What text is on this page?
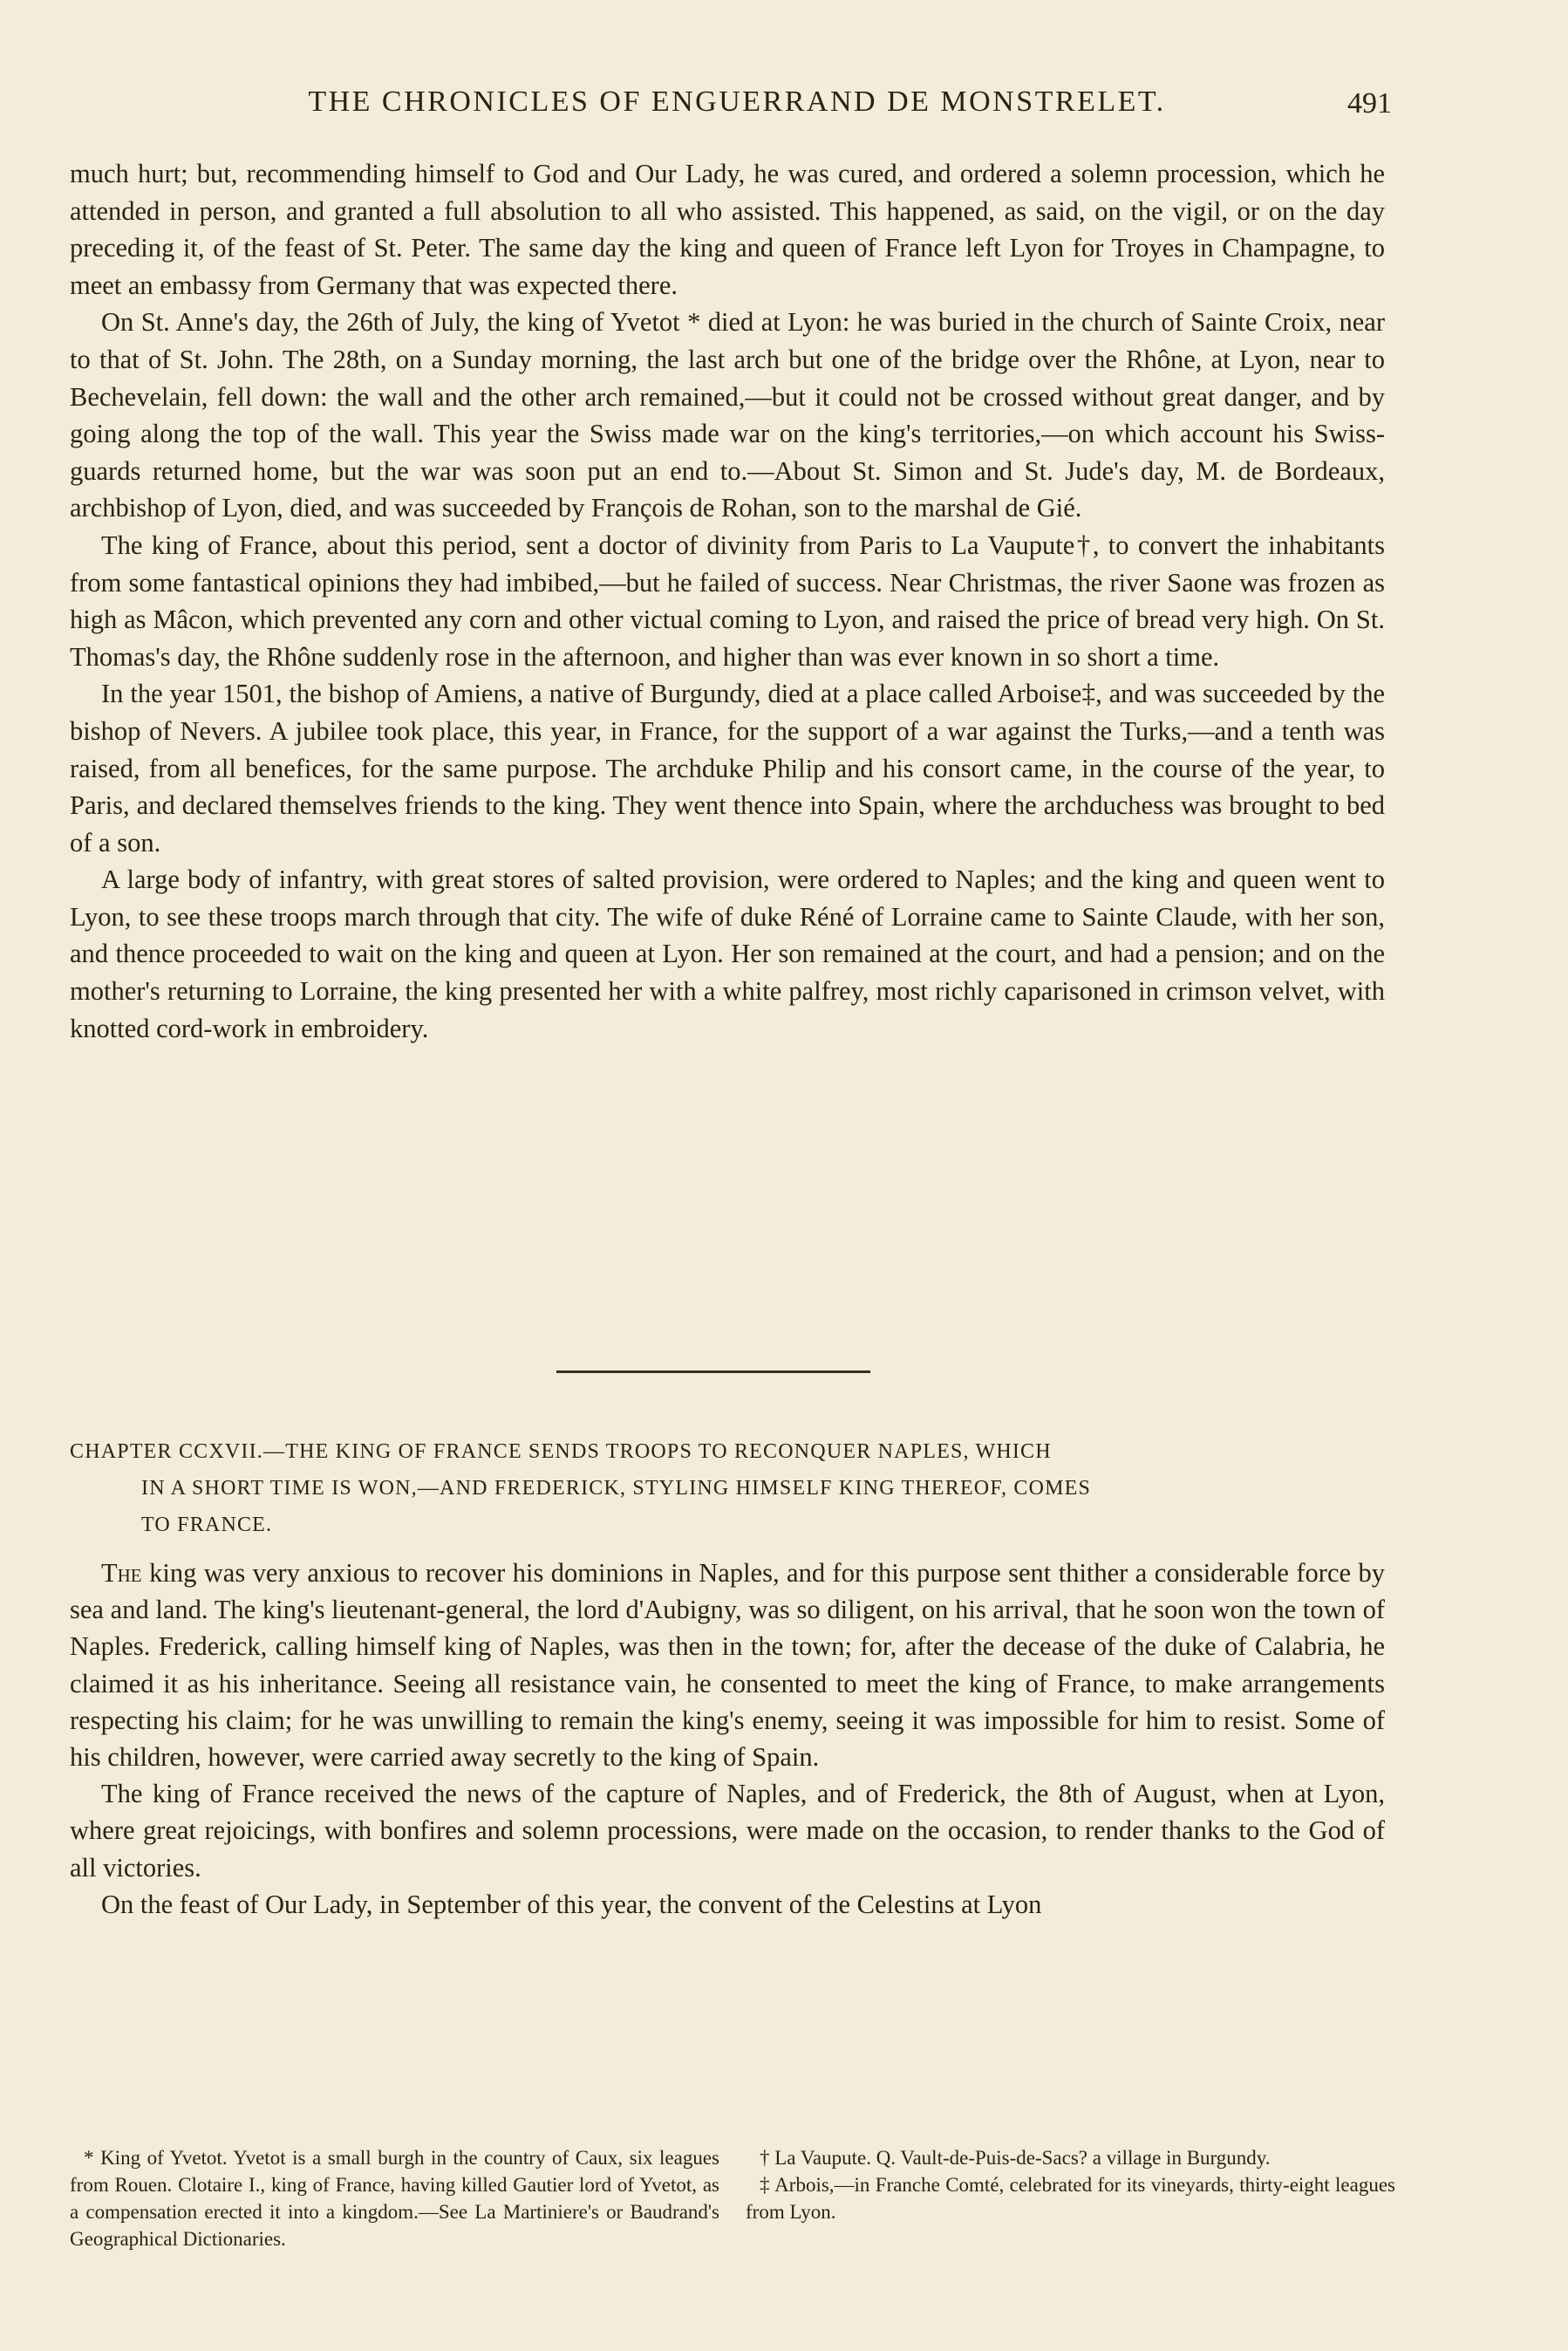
THE CHRONICLES OF ENGUERRAND DE MONSTRELET.	491

much hurt; but, recommending himself to God and Our Lady, he was cured, and ordered a solemn procession, which he attended in person, and granted a full absolution to all who assisted. This happened, as said, on the vigil, or on the day preceding it, of the feast of St. Peter. The same day the king and queen of France left Lyon for Troyes in Champagne, to meet an embassy from Germany that was expected there.

On St. Anne's day, the 26th of July, the king of Yvetot * died at Lyon: he was buried in the church of Sainte Croix, near to that of St. John. The 28th, on a Sunday morning, the last arch but one of the bridge over the Rhône, at Lyon, near to Bechevelain, fell down: the wall and the other arch remained,—but it could not be crossed without great danger, and by going along the top of the wall. This year the Swiss made war on the king's territories,—on which account his Swiss-guards returned home, but the war was soon put an end to.—About St. Simon and St. Jude's day, M. de Bordeaux, archbishop of Lyon, died, and was succeeded by François de Rohan, son to the marshal de Gié.

The king of France, about this period, sent a doctor of divinity from Paris to La Vaupute†, to convert the inhabitants from some fantastical opinions they had imbibed,—but he failed of success. Near Christmas, the river Saone was frozen as high as Mâcon, which prevented any corn and other victual coming to Lyon, and raised the price of bread very high. On St. Thomas's day, the Rhône suddenly rose in the afternoon, and higher than was ever known in so short a time.

In the year 1501, the bishop of Amiens, a native of Burgundy, died at a place called Arboise‡, and was succeeded by the bishop of Nevers. A jubilee took place, this year, in France, for the support of a war against the Turks,—and a tenth was raised, from all benefices, for the same purpose. The archduke Philip and his consort came, in the course of the year, to Paris, and declared themselves friends to the king. They went thence into Spain, where the archduchess was brought to bed of a son.

A large body of infantry, with great stores of salted provision, were ordered to Naples; and the king and queen went to Lyon, to see these troops march through that city. The wife of duke Réné of Lorraine came to Sainte Claude, with her son, and thence proceeded to wait on the king and queen at Lyon. Her son remained at the court, and had a pension; and on the mother's returning to Lorraine, the king presented her with a white palfrey, most richly caparisoned in crimson velvet, with knotted cord-work in embroidery.

CHAPTER CCXVII.—THE KING OF FRANCE SENDS TROOPS TO RECONQUER NAPLES, WHICH
IN A SHORT TIME IS WON,—AND FREDERICK, STYLING HIMSELF KING THEREOF, COMES
TO FRANCE.

The king was very anxious to recover his dominions in Naples, and for this purpose sent thither a considerable force by sea and land. The king's lieutenant-general, the lord d'Aubigny, was so diligent, on his arrival, that he soon won the town of Naples. Frederick, calling himself king of Naples, was then in the town; for, after the decease of the duke of Calabria, he claimed it as his inheritance. Seeing all resistance vain, he consented to meet the king of France, to make arrangements respecting his claim; for he was unwilling to remain the king's enemy, seeing it was impossible for him to resist. Some of his children, however, were carried away secretly to the king of Spain.

The king of France received the news of the capture of Naples, and of Frederick, the 8th of August, when at Lyon, where great rejoicings, with bonfires and solemn processions, were made on the occasion, to render thanks to the God of all victories.

On the feast of Our Lady, in September of this year, the convent of the Celestins at Lyon

* King of Yvetot. Yvetot is a small burgh in the country of Caux, six leagues from Rouen. Clotaire I., king of France, having killed Gautier lord of Yvetot, as a compensation erected it into a kingdom.—See La Martiniere's or Baudrand's Geographical Dictionaries.

† La Vaupute. Q. Vault-de-Puis-de-Sacs? a village in Burgundy.

‡ Arbois,—in Franche Comté, celebrated for its vineyards, thirty-eight leagues from Lyon.
